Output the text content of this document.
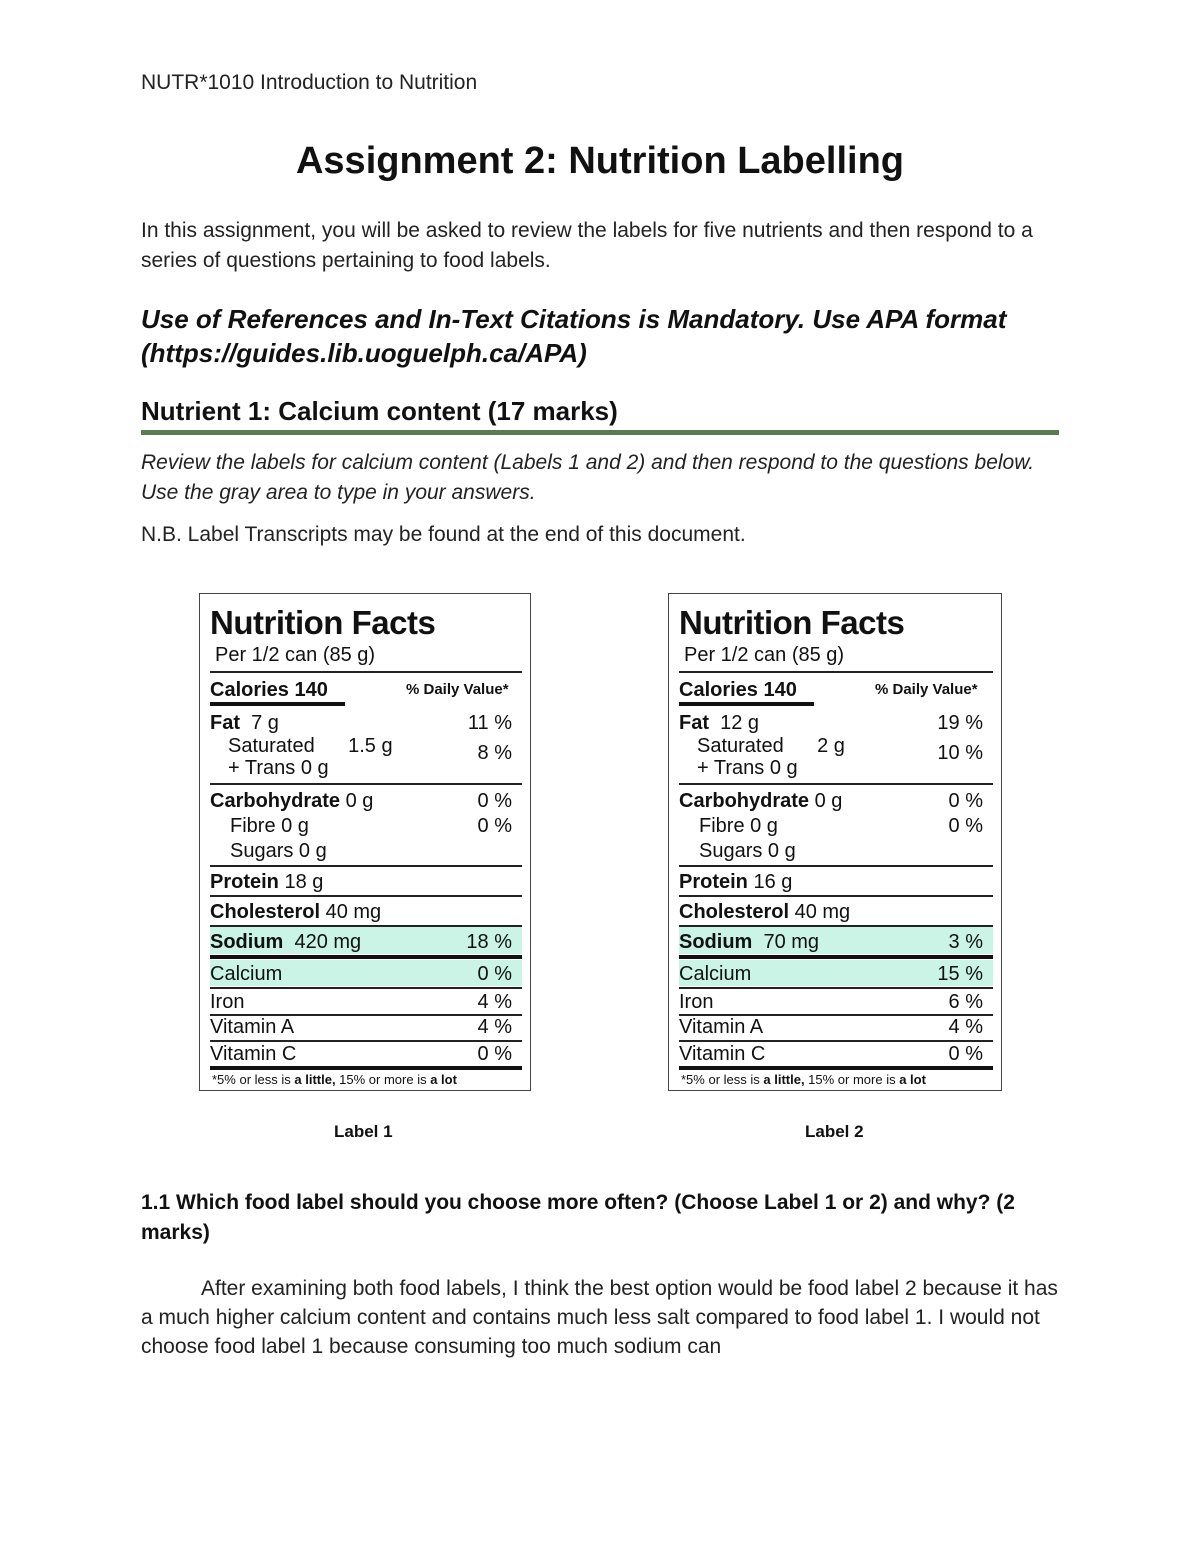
NUTR*1010 Introduction to Nutrition
Assignment 2: Nutrition Labelling
In this assignment, you will be asked to review the labels for five nutrients and then respond to a series of questions pertaining to food labels.
Use of References and In-Text Citations is Mandatory. Use APA format (https://guides.lib.uoguelph.ca/APA)
Nutrient 1: Calcium content (17 marks)
Review the labels for calcium content (Labels 1 and 2) and then respond to the questions below. Use the gray area to type in your answers.
N.B. Label Transcripts may be found at the end of this document.
Nutrition Facts
Per 1/2 can (85 g)
Calories 140	% Daily Value*
Fat 7 g	11 %
Saturated 1.5 g	8 %
+ Trans 0 g
Carbohydrate 0 g	0 %
Fibre 0 g	0 %
Sugars 0 g
Protein 18 g
Cholesterol 40 mg
Sodium 420 mg	18 %
Calcium	0 %
Iron	4 %
Vitamin A	4 %
Vitamin C	0 %
*5% or less is a little, 15% or more is a lot
Nutrition Facts
Per 1/2 can (85 g)
Calories 140	% Daily Value*
Fat 12 g	19 %
Saturated 2 g	10 %
+ Trans 0 g
Carbohydrate 0 g	0 %
Fibre 0 g	0 %
Sugars 0 g
Protein 16 g
Cholesterol 40 mg
Sodium 70 mg	3 %
Calcium	15 %
Iron	6 %
Vitamin A	4 %
Vitamin C	0 %
*5% or less is a little, 15% or more is a lot
Label 1	Label 2
1.1 Which food label should you choose more often? (Choose Label 1 or 2) and why? (2 marks)
After examining both food labels, I think the best option would be food label 2 because it has a much higher calcium content and contains much less salt compared to food label 1. I would not choose food label 1 because consuming too much sodium can
